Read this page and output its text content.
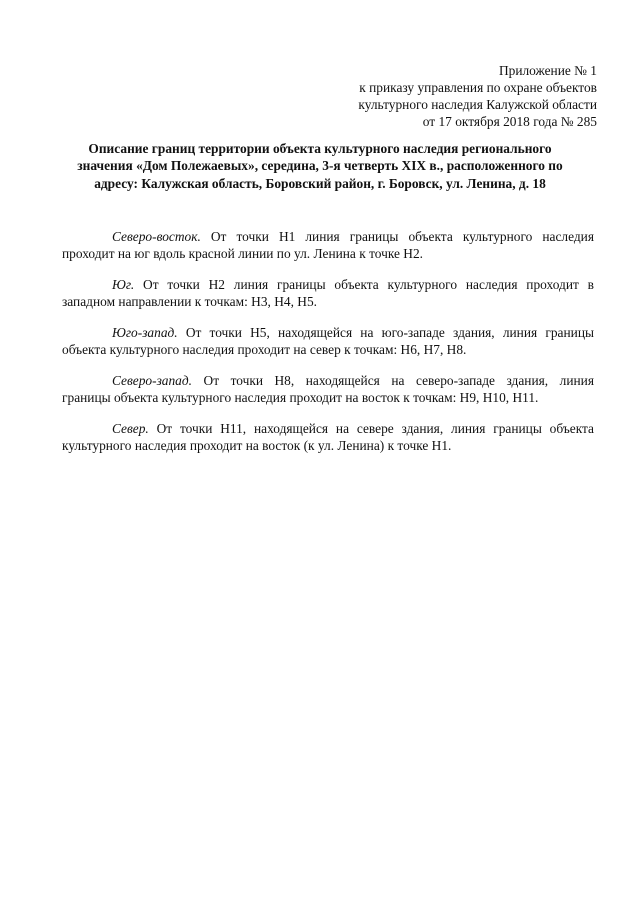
Приложение № 1
к приказу управления по охране объектов
культурного наследия Калужской области
от 17 октября 2018 года № 285
Описание границ территории объекта культурного наследия регионального
значения «Дом Полежаевых», середина, 3-я четверть XIX в., расположенного по
адресу: Калужская область, Боровский район, г. Боровск, ул. Ленина, д. 18
Северо-восток. От точки Н1 линия границы объекта культурного наследия
проходит на юг вдоль красной линии по ул. Ленина к точке Н2.
Юг. От точки Н2 линия границы объекта культурного наследия проходит в
западном направлении к точкам: Н3, Н4, Н5.
Юго-запад. От точки Н5, находящейся на юго-западе здания, линия границы
объекта культурного наследия проходит на север к точкам: Н6, Н7, Н8.
Северо-запад. От точки Н8, находящейся на северо-западе здания, линия
границы объекта культурного наследия проходит на восток к точкам: Н9, Н10, Н11.
Север. От точки Н11, находящейся на севере здания, линия границы объекта
культурного наследия проходит на восток (к ул. Ленина) к точке Н1.
